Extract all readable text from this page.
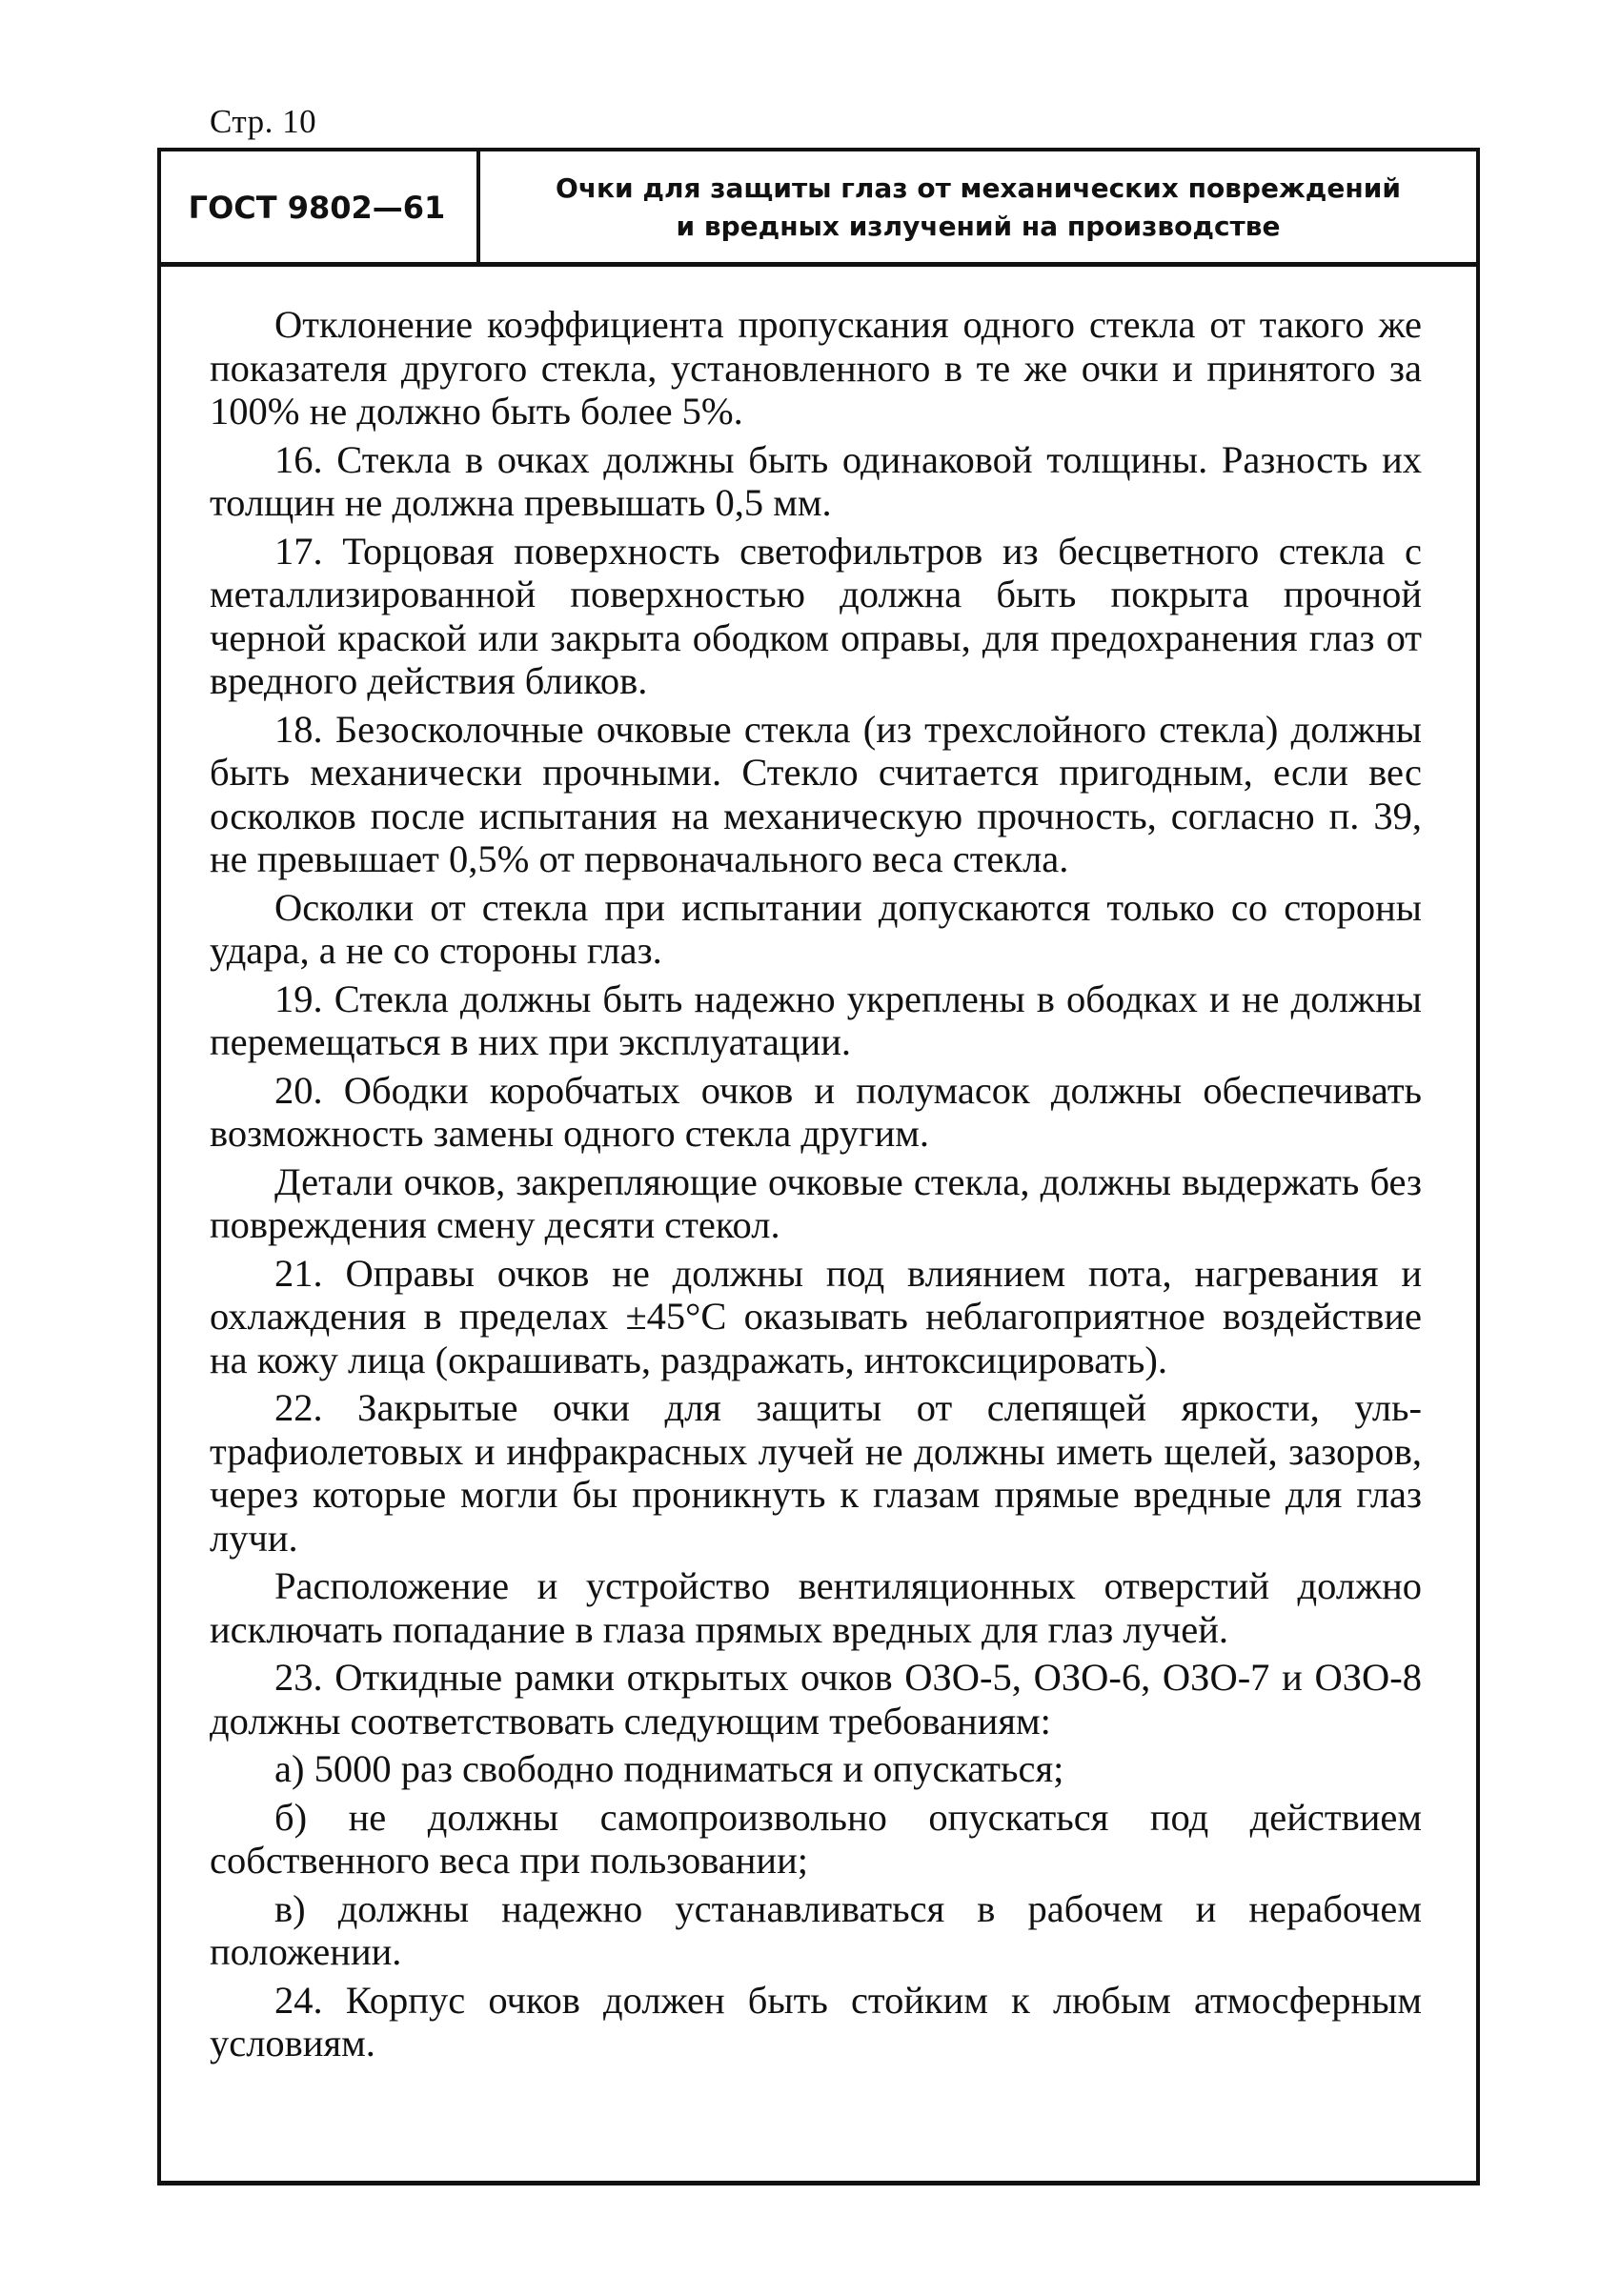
Стр. 10
ГОСТ 9802—61
Очки для защиты глаз от механических повреждений
и вредных излучений на производстве

Отклонение коэффициента пропускания одного стекла от такого же показателя другого стекла, установленного в те же очки и принятого за 100% не должно быть более 5%.

16. Стекла в очках должны быть одинаковой толщины. Разность их толщин не должна превышать 0,5 мм.

17. Торцовая поверхность светофильтров из бесцветного стекла с металлизированной поверхностью должна быть покрыта прочной черной краской или закрыта ободком оправы, для предохранения глаз от вредного действия бликов.

18. Безосколочные очковые стекла (из трехслойного стекла) должны быть механически прочными. Стекло считается пригодным, если вес осколков после испытания на механическую прочность, согласно п. 39, не превышает 0,5% от первоначального веса стекла.

Осколки от стекла при испытании допускаются только со стороны удара, а не со стороны глаз.

19. Стекла должны быть надежно укреплены в ободках и не должны перемещаться в них при эксплуатации.

20. Ободки коробчатых очков и полумасок должны обеспечивать возможность замены одного стекла другим.

Детали очков, закрепляющие очковые стекла, должны выдержать без повреждения смену десяти стекол.

21. Оправы очков не должны под влиянием пота, нагревания и охлаждения в пределах ±45°С оказывать неблагоприятное воздействие на кожу лица (окрашивать, раздражать, интоксицировать).

22. Закрытые очки для защиты от слепящей яркости, ультрафиолетовых и инфракрасных лучей не должны иметь щелей, зазоров, через которые могли бы проникнуть к глазам прямые вредные для глаз лучи.

Расположение и устройство вентиляционных отверстий должно исключать попадание в глаза прямых вредных для глаз лучей.

23. Откидные рамки открытых очков ОЗО-5, ОЗО-6, ОЗО-7 и ОЗО-8 должны соответствовать следующим требованиям:

а) 5000 раз свободно подниматься и опускаться;

б) не должны самопроизвольно опускаться под действием собственного веса при пользовании;

в) должны надежно устанавливаться в рабочем и нерабочем положении.

24. Корпус очков должен быть стойким к любым атмосферным условиям.
